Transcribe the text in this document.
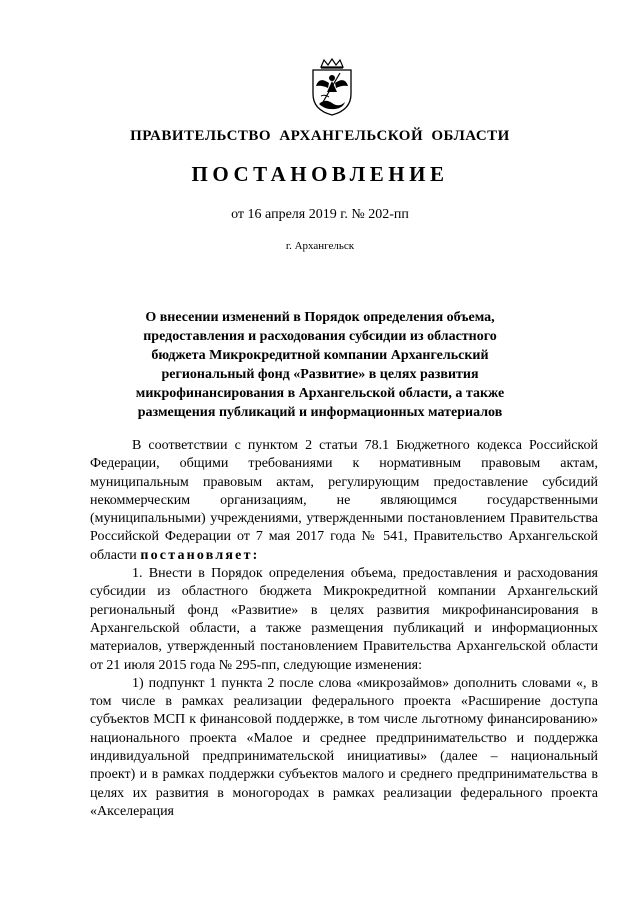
ПРАВИТЕЛЬСТВО АРХАНГЕЛЬСКОЙ ОБЛАСТИ
ПОСТАНОВЛЕНИЕ
от 16 апреля 2019 г. № 202-пп
г. Архангельск
О внесении изменений в Порядок определения объема, предоставления и расходования субсидии из областного бюджета Микрокредитной компании Архангельский региональный фонд «Развитие» в целях развития микрофинансирования в Архангельской области, а также размещения публикаций и информационных материалов

В соответствии с пунктом 2 статьи 78.1 Бюджетного кодекса Российской Федерации, общими требованиями к нормативным правовым актам, муниципальным правовым актам, регулирующим предоставление субсидий некоммерческим организациям, не являющимся государственными (муниципальными) учреждениями, утвержденными постановлением Правительства Российской Федерации от 7 мая 2017 года № 541, Правительство Архангельской области постановляет:

1. Внести в Порядок определения объема, предоставления и расходования субсидии из областного бюджета Микрокредитной компании Архангельский региональный фонд «Развитие» в целях развития микрофинансирования в Архангельской области, а также размещения публикаций и информационных материалов, утвержденный постановлением Правительства Архангельской области от 21 июля 2015 года № 295-пп, следующие изменения:

1) подпункт 1 пункта 2 после слова «микрозаймов» дополнить словами «, в том числе в рамках реализации федерального проекта «Расширение доступа субъектов МСП к финансовой поддержке, в том числе льготному финансированию» национального проекта «Малое и среднее предпринимательство и поддержка индивидуальной предпринимательской инициативы» (далее – национальный проект) и в рамках поддержки субъектов малого и среднего предпринимательства в целях их развития в моногородах в рамках реализации федерального проекта «Акселерация
